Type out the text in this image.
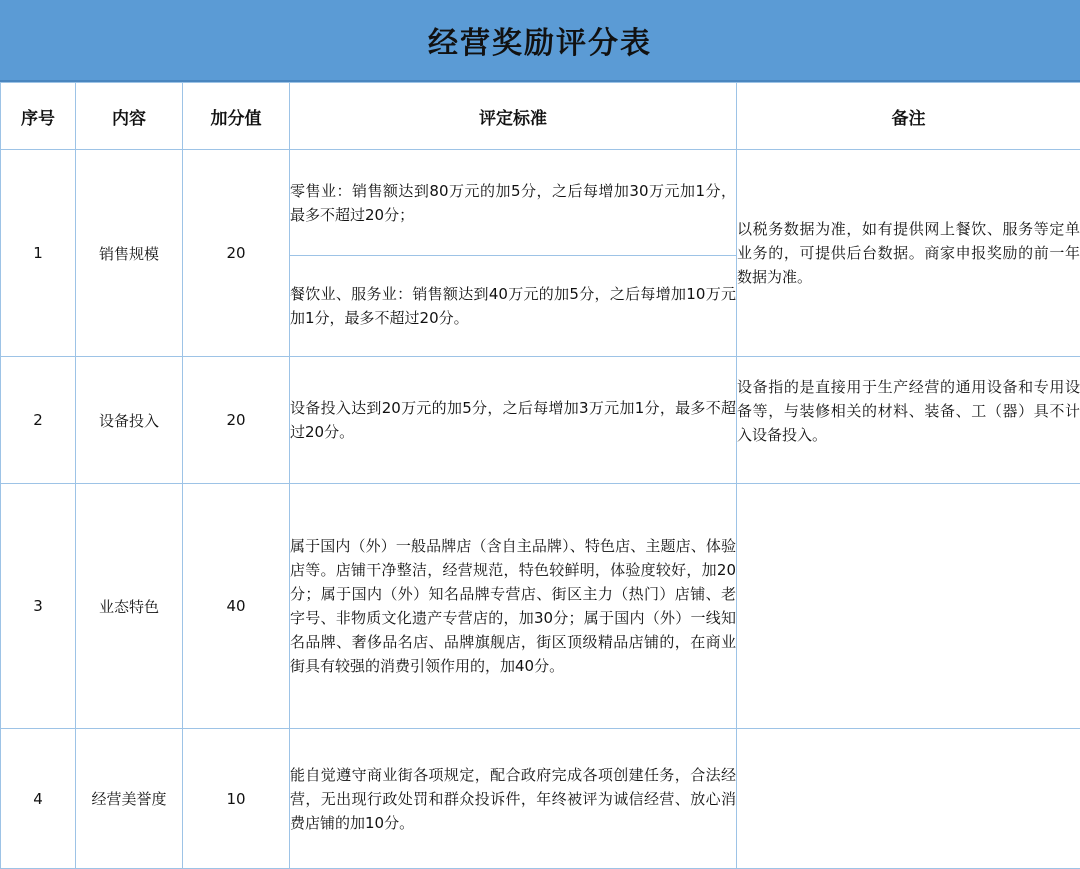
经营奖励评分表
序号	内容	加分值	评定标准	备注
1	销售规模	20	零售业：销售额达到80万元的加5分，之后每增加30万元加1分，最多不超过20分；	以税务数据为准，如有提供网上餐饮、服务等定单业务的，可提供后台数据。商家申报奖励的前一年数据为准。
			餐饮业、服务业：销售额达到40万元的加5分，之后每增加10万元加1分，最多不超过20分。	
2	设备投入	20	设备投入达到20万元的加5分，之后每增加3万元加1分，最多不超过20分。	设备指的是直接用于生产经营的通用设备和专用设备等，与装修相关的材料、装备、工（器）具不计入设备投入。
3	业态特色	40	属于国内（外）一般品牌店（含自主品牌）、特色店、主题店、体验店等。店铺干净整洁，经营规范，特色较鲜明，体验度较好，加20分；属于国内（外）知名品牌专营店、街区主力（热门）店铺、老字号、非物质文化遗产专营店的，加30分；属于国内（外）一线知名品牌、奢侈品名店、品牌旗舰店，街区顶级精品店铺的，在商业街具有较强的消费引领作用的，加40分。	
4	经营美誉度	10	能自觉遵守商业街各项规定，配合政府完成各项创建任务，合法经营，无出现行政处罚和群众投诉件，年终被评为诚信经营、放心消费店铺的加10分。	
